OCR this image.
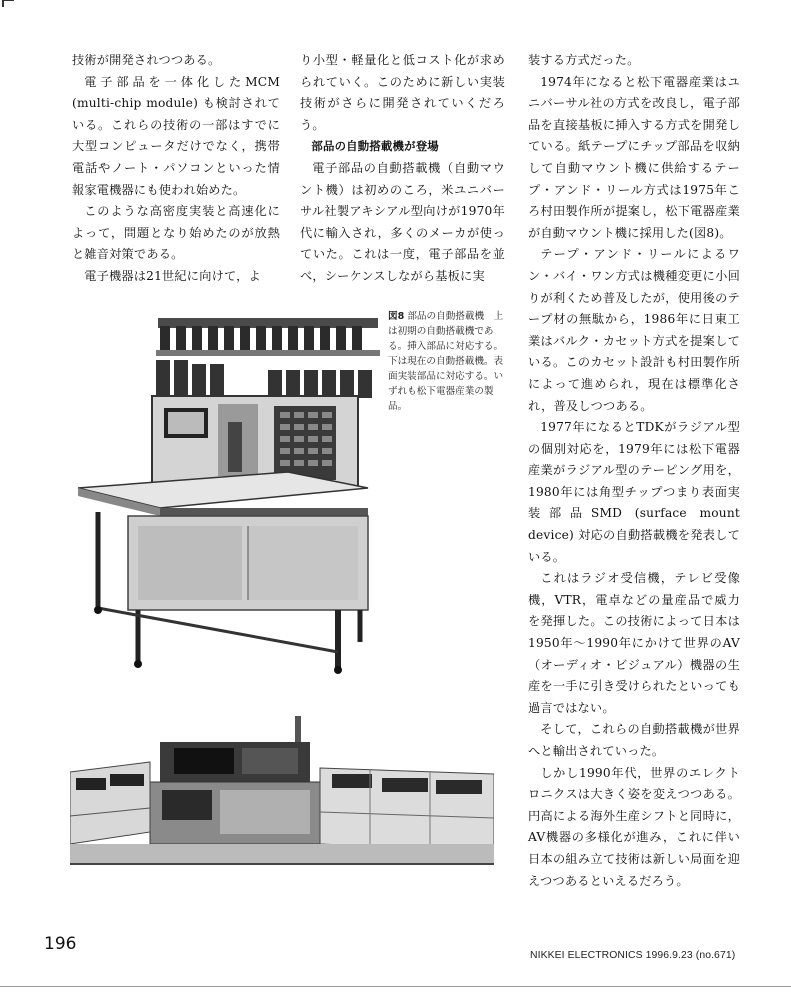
技術が開発されつつある。

電子部品を一体化したMCM (multi-chip module) も検討されている。これらの技術の一部はすでに大型コンピュータだけでなく，携帯電話やノート・パソコンといった情報家電機器にも使われ始めた。

このような高密度実装と高速化によって，問題となり始めたのが放熱と雑音対策である。

電子機器は21世紀に向けて，よ

り小型・軽量化と低コスト化が求められていく。このために新しい実装技術がさらに開発されていくだろう。

部品の自動搭載機が登場

電子部品の自動搭載機（自動マウント機）は初めのころ，米ユニバーサル社製アキシアル型向けが1970年代に輸入され，多くのメーカが使っていた。これは一度，電子部品を並べ，シーケンスしながら基板に実

装する方式だった。

1974年になると松下電器産業はユニバーサル社の方式を改良し，電子部品を直接基板に挿入する方式を開発している。紙テープにチップ部品を収納して自動マウント機に供給するテープ・アンド・リール方式は1975年ころ村田製作所が提案し，松下電器産業が自動マウント機に採用した(図8)。

テープ・アンド・リールによるワン・バイ・ワン方式は機種変更に小回りが利くため普及したが，使用後のテープ材の無駄から，1986年に日東工業はバルク・カセット方式を提案している。このカセット設計も村田製作所によって進められ，現在は標準化され，普及しつつある。

1977年になるとTDKがラジアル型の個別対応を，1979年には松下電器産業がラジアル型のテーピング用を，1980年には角型チップつまり表面実装部品SMD (surface mount device) 対応の自動搭載機を発表している。

これはラジオ受信機，テレビ受像機，VTR，電卓などの量産品で威力を発揮した。この技術によって日本は1950年～1990年にかけて世界のAV（オーディオ・ビジュアル）機器の生産を一手に引き受けられたといっても過言ではない。

そして，これらの自動搭載機が世界へと輸出されていった。

しかし1990年代，世界のエレクトロニクスは大きく姿を変えつつある。円高による海外生産シフトと同時に，AV機器の多様化が進み，これに伴い日本の組み立て技術は新しい局面を迎えつつあるといえるだろう。

図8 部品の自動搭載機　上は初期の自動搭載機である。挿入部品に対応する。下は現在の自動搭載機。表面実装部品に対応する。いずれも松下電器産業の製品。
196
NIKKEI ELECTRONICS 1996.9.23 (no.671)
